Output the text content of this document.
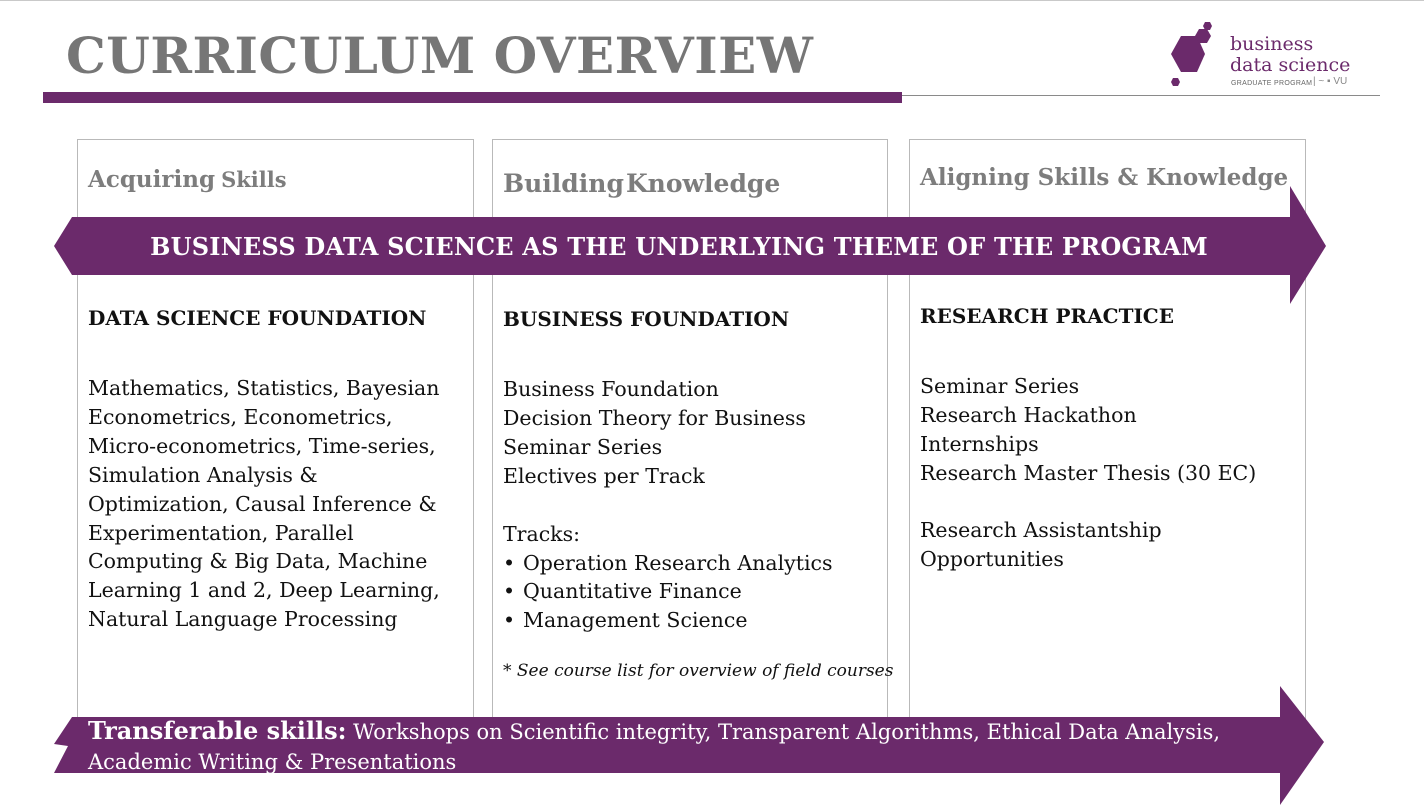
CURRICULUM OVERVIEW	business
data science
GRADUATE PROGRAM | ~ ▪ VU
Acquiring Skills	BuildingKnowledge	Aligning Skills & Knowledge
BUSINESS DATA SCIENCE AS THE UNDERLYING THEME OF THE PROGRAM
DATA SCIENCE FOUNDATION	BUSINESS FOUNDATION	RESEARCH PRACTICE
Mathematics, Statistics, Bayesian
Econometrics, Econometrics,
Micro-econometrics, Time-series,
Simulation Analysis &
Optimization, Causal Inference &
Experimentation, Parallel
Computing & Big Data, Machine
Learning 1 and 2, Deep Learning,
Natural Language Processing
Business Foundation
Decision Theory for Business
Seminar Series
Electives per Track
Tracks:
• Operation Research Analytics
• Quantitative Finance
• Management Science
* See course list for overview of field courses
Seminar Series
Research Hackathon
Internships
Research Master Thesis (30 EC)
Research Assistantship
Opportunities
Transferable skills: Workshops on Scientific integrity, Transparent Algorithms, Ethical Data Analysis,
Academic Writing & Presentations
